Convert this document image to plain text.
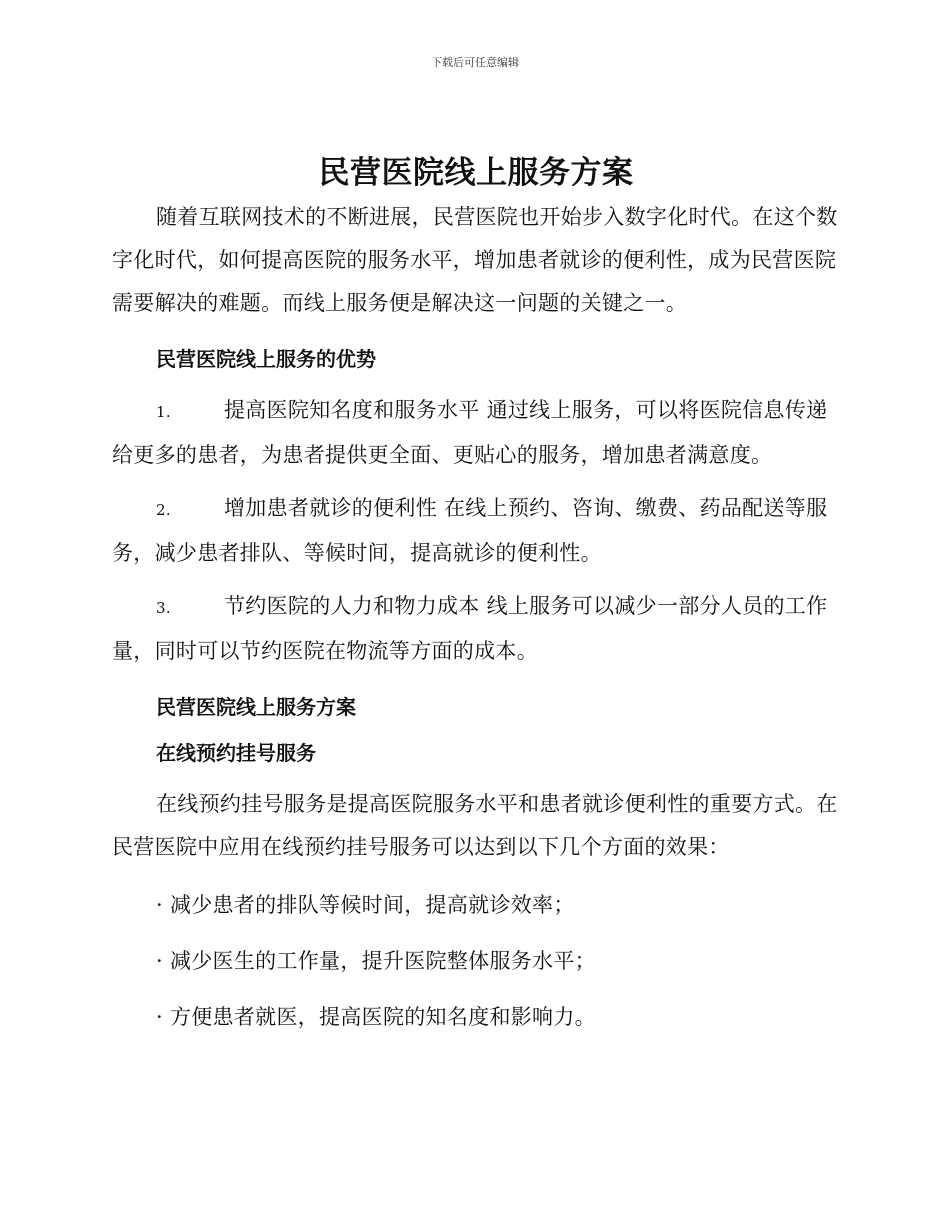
下载后可任意编辑
民营医院线上服务方案

随着互联网技术的不断进展，民营医院也开始步入数字化时代。在这个数字化时代，如何提高医院的服务水平，增加患者就诊的便利性，成为民营医院需要解决的难题。而线上服务便是解决这一问题的关键之一。

民营医院线上服务的优势

1.	提高医院知名度和服务水平 通过线上服务，可以将医院信息传递给更多的患者，为患者提供更全面、更贴心的服务，增加患者满意度。

2.	增加患者就诊的便利性 在线上预约、咨询、缴费、药品配送等服务，减少患者排队、等候时间，提高就诊的便利性。

3.	节约医院的人力和物力成本 线上服务可以减少一部分人员的工作量，同时可以节约医院在物流等方面的成本。

民营医院线上服务方案
在线预约挂号服务

在线预约挂号服务是提高医院服务水平和患者就诊便利性的重要方式。在民营医院中应用在线预约挂号服务可以达到以下几个方面的效果：

· 减少患者的排队等候时间，提高就诊效率；

· 减少医生的工作量，提升医院整体服务水平；

· 方便患者就医，提高医院的知名度和影响力。
